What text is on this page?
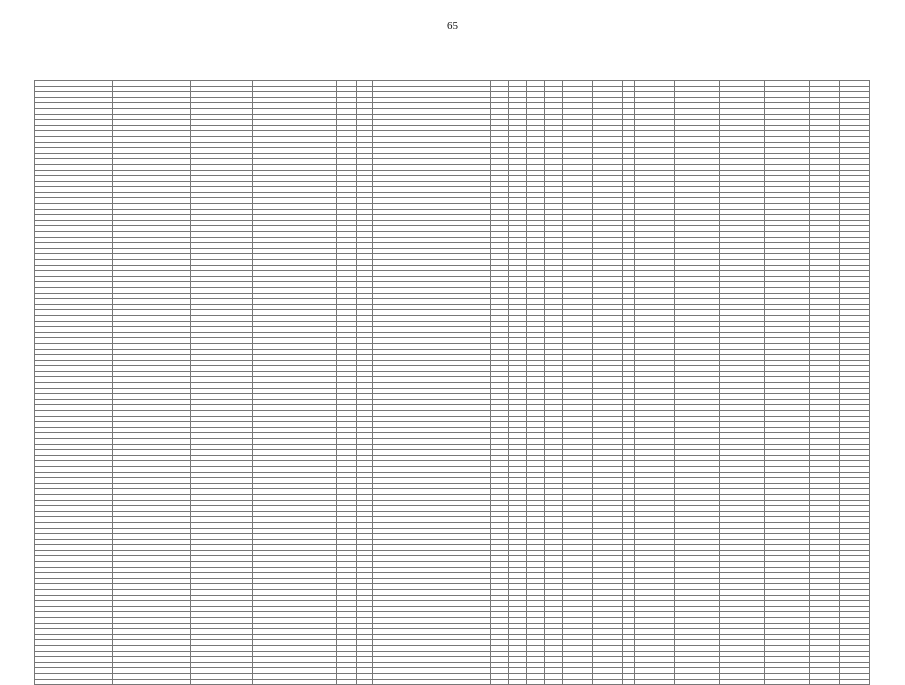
65
